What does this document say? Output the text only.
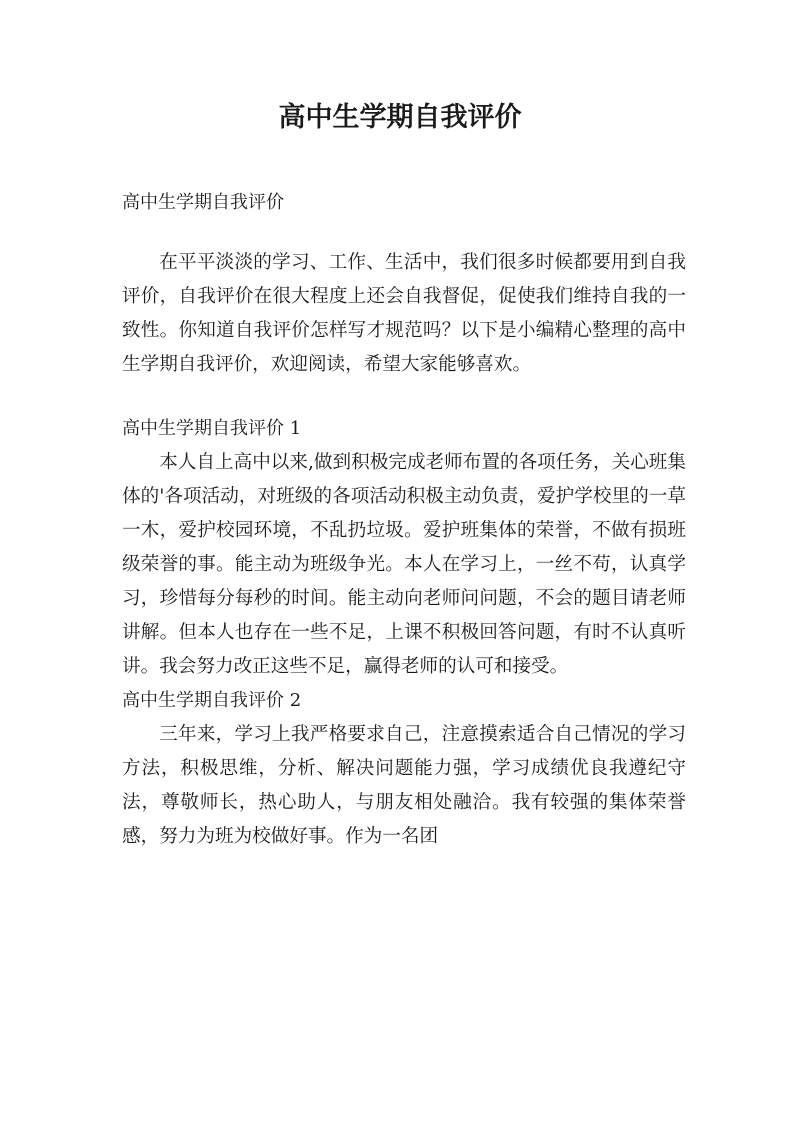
高中生学期自我评价

高中生学期自我评价

在平平淡淡的学习、工作、生活中，我们很多时候都要用到自我评价，自我评价在很大程度上还会自我督促，促使我们维持自我的一致性。你知道自我评价怎样写才规范吗？以下是小编精心整理的高中生学期自我评价，欢迎阅读，希望大家能够喜欢。

高中生学期自我评价 1

本人自上高中以来,做到积极完成老师布置的各项任务，关心班集体的'各项活动，对班级的各项活动积极主动负责，爱护学校里的一草一木，爱护校园环境，不乱扔垃圾。爱护班集体的荣誉，不做有损班级荣誉的事。能主动为班级争光。本人在学习上，一丝不苟，认真学习，珍惜每分每秒的时间。能主动向老师问问题，不会的题目请老师讲解。但本人也存在一些不足，上课不积极回答问题，有时不认真听讲。我会努力改正这些不足，赢得老师的认可和接受。

高中生学期自我评价 2

三年来，学习上我严格要求自己，注意摸索适合自己情况的学习方法，积极思维，分析、解决问题能力强，学习成绩优良我遵纪守法，尊敬师长，热心助人，与朋友相处融洽。我有较强的集体荣誉感，努力为班为校做好事。作为一名团
